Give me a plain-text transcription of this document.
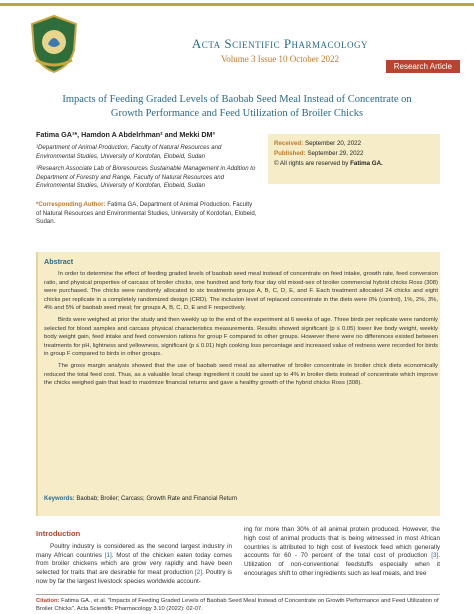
Acta Scientific Pharmacology
Volume 3 Issue 10 October 2022
Research Article
Impacts of Feeding Graded Levels of Baobab Seed Meal Instead of Concentrate on Growth Performance and Feed Utilization of Broiler Chicks
Fatima GA¹*, Hamdon A Abdelrhman² and Mekki DM³
¹Department of Animal Production, Faculty of Natural Resources and Environmental Studies, University of Kordofan, Elobeid, Sudan
²Research Associate Lab of Bioresources Sustainable Management in Addition to Department of Forestry and Range, Faculty of Natural Resources and Environmental Studies, University of Kordofan, Elobeid, Sudan
*Corresponding Author: Fatima GA, Department of Animal Production, Faculty of Natural Resources and Environmental Studies, University of Kordofan, Elobeid, Sudan.
Received: September 20, 2022
Published: September 29, 2022
© All rights are reserved by Fatima GA.
Abstract

In order to determine the effect of feeding graded levels of baobab seed meal instead of concentrate on feed intake, growth rate, feed conversion ratio, and physical properties of carcass of broiler chicks, one hundred and forty four day old mixed-sex of broiler commercial hybrid chicks Ross (308) were purchased. The chicks were randomly allocated to six treatments groups A, B, C, D, E, and F. Each treatment allocated 24 chicks and eight chicks per replicate in a completely randomized design (CRD). The inclusion level of replaced concentrate in the diets were 0% (control), 1%, 2%, 3%, 4% and 5% of baobab seed meal; for groups A, B, C, D, E and F respectively.

Birds were weighed at prior the study and then weekly up to the end of the experiment at 6 weeks of age. Three birds per replicate were randomly selected for blood samples and carcass physical characteristics measurements. Results showed significant (p ≤ 0.05) lower live body weight, weekly body weight gain, feed intake and feed conversion rations for group F compared to other groups. However there were no differences existed between treatments for pH, lightness and yellowness, significant (p ≤ 0.01) high cooking loss percentage and increased value of redness were recorded for birds in group F compared to birds in other groups.

The gross margin analysis showed that the use of baobab seed meal as alternative of broiler concentrate in broiler chick diets economically reduced the total feed cost. Thus, as a valuable local cheap ingredient it could be used up to 4% in broiler diets instead of concentrate which improve the chicks weighed gain that lead to maximize financial returns and gave a healthy growth of the hybrid chicks Ross (308).

Keywords: Baobab; Broiler; Carcass; Growth Rate and Financial Return
Introduction

Poultry industry is considered as the second largest industry in many African countries [1]. Most of the chicken eaten today comes from broiler chickens which are grow very rapidly and have been selected for traits that are desirable for meat production [2]. Poultry is now by far the largest livestock species worldwide account-

ing for more than 30% of all animal protein produced. However, the high cost of animal products that is being witnessed in most African countries is attributed to high cost of livestock feed which generally accounts for 60 - 70 percent of the total cost of production [3]. Utilization of non-conventional feedstuffs especially when it encourages shift to other ingredients such as leaf meals, and tree

Citation: Fatima GA., et al. "Impacts of Feeding Graded Levels of Baobab Seed Meal Instead of Concentrate on Growth Performance and Feed Utilization of Broiler Chicks". Acta Scientific Pharmacology 3.10 (2022): 02-07.
